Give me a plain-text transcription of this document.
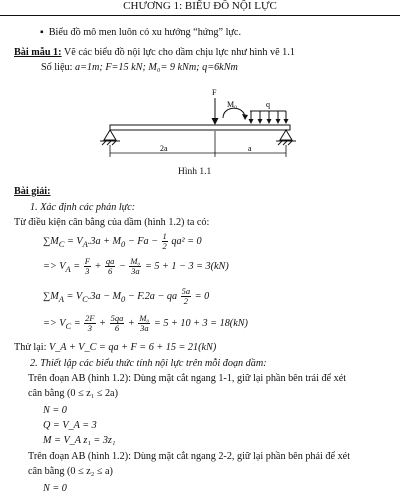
CHƯƠNG 1: BIỂU ĐỒ NỘI LỰC
▪ Biểu đồ mô men luôn có xu hướng “hứng” lực.
Bài mẫu 1: Vẽ các biểu đồ nội lực cho dầm chịu lực như hình vẽ 1.1
Số liệu: a=1m; F=15 kN; M₀= 9 kNm; q=6kNm
F
M₀	q
2a	a
Hình 1.1
Bài giải:
1. Xác định các phản lực:
Từ điều kiện cân bằng của dầm (hình 1.2) ta có:
$\sum M_C = V_A.3a + M_0 - Fa - \frac{1}{2} qa^2 = 0$
=> $V_A = \frac{F}{3} + \frac{qa}{6} - \frac{\text{M₀}}{3a} = 5 + 1 - 3 = 3(kN)$
$\sum M_A = V_C.3a - M_0 - F.2a$ − qa $\frac{5a}{2} = 0$
=> $V_C = \frac{2F}{3} + \frac{5qa}{6} + \frac{\text{M₀}}{3a} = 5 + 10 + 3 = 18(kN)$
Thử lại: V_A + V_C = qa + F = 6 + 15 = 21(kN)
2. Thiết lập các biểu thức tính nội lực trên mỗi đoạn dầm:
Trên đoạn AB (hình 1.2): Dùng mặt cắt ngang 1-1, giữ lại phần bên trái để xét
cân bằng (0 ≤ z₁ ≤ 2a)
N = 0
Q = V_A = 3
M = V_A z₁ = 3z₁
Trên đoạn AB (hình 1.2): Dùng mặt cắt ngang 2-2, giữ lại phần bên phải để xét
cân bằng (0 ≤ z₂ ≤ a)
N = 0
